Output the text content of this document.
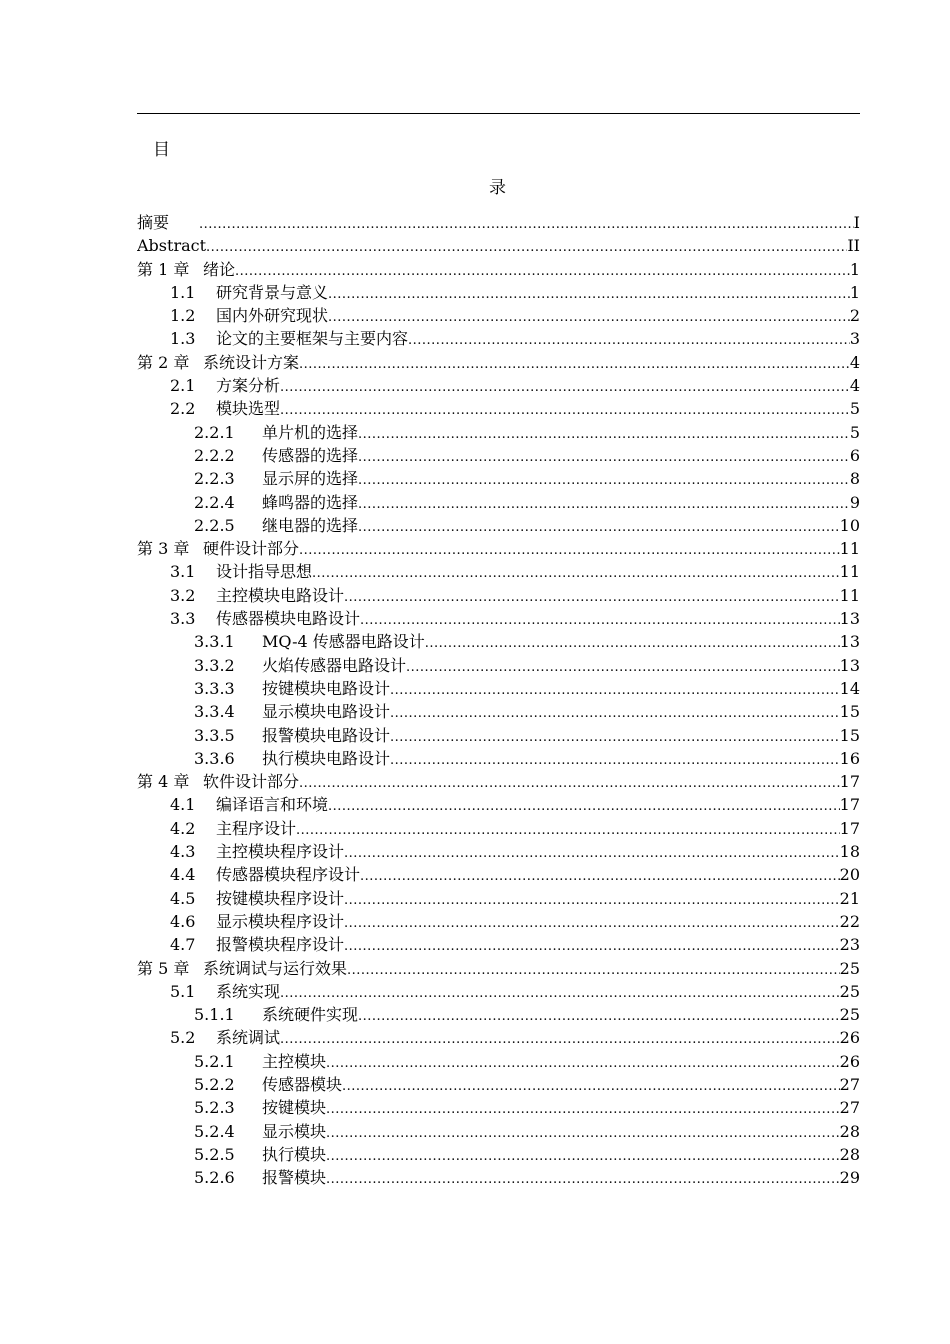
目
录
摘要 .....	I
Abstract .....	II
第 1 章 绪论 .....	1
1.1	研究背景与意义 .....	1
1.2	国内外研究现状 .....	2
1.3	论文的主要框架与主要内容 .....	3
第 2 章 系统设计方案 .....	4
2.1	方案分析 .....	4
2.2	模块选型 .....	5
2.2.1	单片机的选择 .....	5
2.2.2	传感器的选择 .....	6
2.2.3	显示屏的选择 .....	8
2.2.4	蜂鸣器的选择 .....	9
2.2.5	继电器的选择 .....	10
第 3 章 硬件设计部分 .....	11
3.1	设计指导思想 .....	11
3.2	主控模块电路设计 .....	11
3.3	传感器模块电路设计 .....	13
3.3.1	MQ-4 传感器电路设计 .....	13
3.3.2	火焰传感器电路设计 .....	13
3.3.3	按键模块电路设计 .....	14
3.3.4	显示模块电路设计 .....	15
3.3.5	报警模块电路设计 .....	15
3.3.6	执行模块电路设计 .....	16
第 4 章 软件设计部分 .....	17
4.1	编译语言和环境 .....	17
4.2	主程序设计 .....	17
4.3	主控模块程序设计 .....	18
4.4	传感器模块程序设计 .....	20
4.5	按键模块程序设计 .....	21
4.6	显示模块程序设计 .....	22
4.7	报警模块程序设计 .....	23
第 5 章 系统调试与运行效果 .....	25
5.1	系统实现 .....	25
5.1.1	系统硬件实现 .....	25
5.2	系统调试 .....	26
5.2.1	主控模块 .....	26
5.2.2	传感器模块 .....	27
5.2.3	按键模块 .....	27
5.2.4	显示模块 .....	28
5.2.5	执行模块 .....	28
5.2.6	报警模块 .....	29
